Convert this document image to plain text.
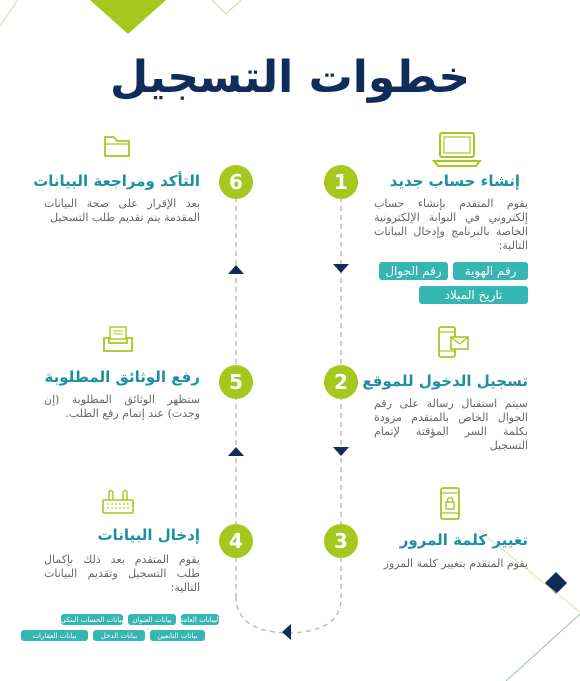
خطوات التسجيل
1	إنشاء حساب جديد
يقوم المتقدم بإنشاء حساب إلكتروني في البوابة الإلكترونية الخاصة بالبرنامج وإدخال البيانات التالية:
رقم الهوية
رقم الجوال
تاريخ الميلاد
6
التأكد ومراجعة البيانات
بعد الإقرار على صحة البيانات المقدمة يتم تقديم طلب التسجيل
2 تسجيل الدخول للموقع
سيتم استقبال رسالة على رقم الجوال الخاص بالمتقدم مزودة بكلمة السر المؤقتة لإتمام التسجيل
5
رفع الوثائق المطلوبة
ستظهر الوثائق المطلوبة (إن وجدت) عند إتمام رفع الطلب.
3	تغيير كلمة المرور
يقوم المتقدم بتغيير كلمة المرور
4
إدخال البيانات
يقوم المتقدم بعد ذلك بإكمال طلب التسجيل وتقديم البيانات التالية:
البيانات العامة
بيانات العنوان
بيانات الحساب البنكي
بيانات التابعين
بيانات الدخل
بيانات العقارات
